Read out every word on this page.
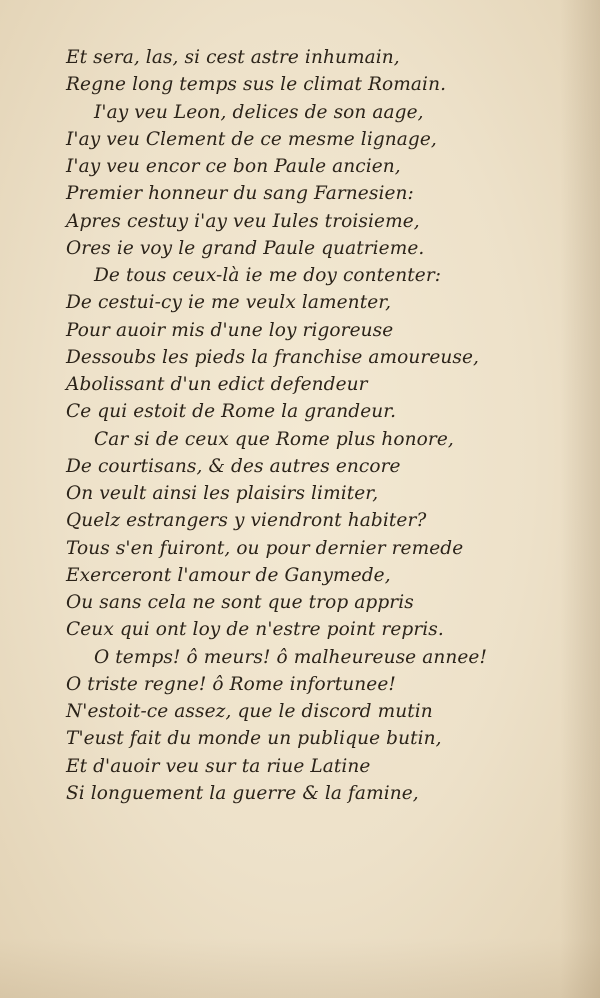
Et sera, las, si cest astre inhumain,
Regne long temps sus le climat Romain.
I'ay veu Leon, delices de son aage,
I'ay veu Clement de ce mesme lignage,
I'ay veu encor ce bon Paule ancien,
Premier honneur du sang Farnesien:
Apres cestuy i'ay veu Iules troisieme,
Ores ie voy le grand Paule quatrieme.
De tous ceux-là ie me doy contenter:
De cestui-cy ie me veulx lamenter,
Pour auoir mis d'une loy rigoreuse
Dessoubs les pieds la franchise amoureuse,
Abolissant d'un edict defendeur
Ce qui estoit de Rome la grandeur.
Car si de ceux que Rome plus honore,
De courtisans, & des autres encore
On veult ainsi les plaisirs limiter,
Quelz estrangers y viendront habiter?
Tous s'en fuiront, ou pour dernier remede
Exerceront l'amour de Ganymede,
Ou sans cela ne sont que trop appris
Ceux qui ont loy de n'estre point repris.
O temps! ô meurs! ô malheureuse annee!
O triste regne! ô Rome infortunee!
N'estoit-ce assez, que le discord mutin
T'eust fait du monde un publique butin,
Et d'auoir veu sur ta riue Latine
Si longuement la guerre & la famine,
